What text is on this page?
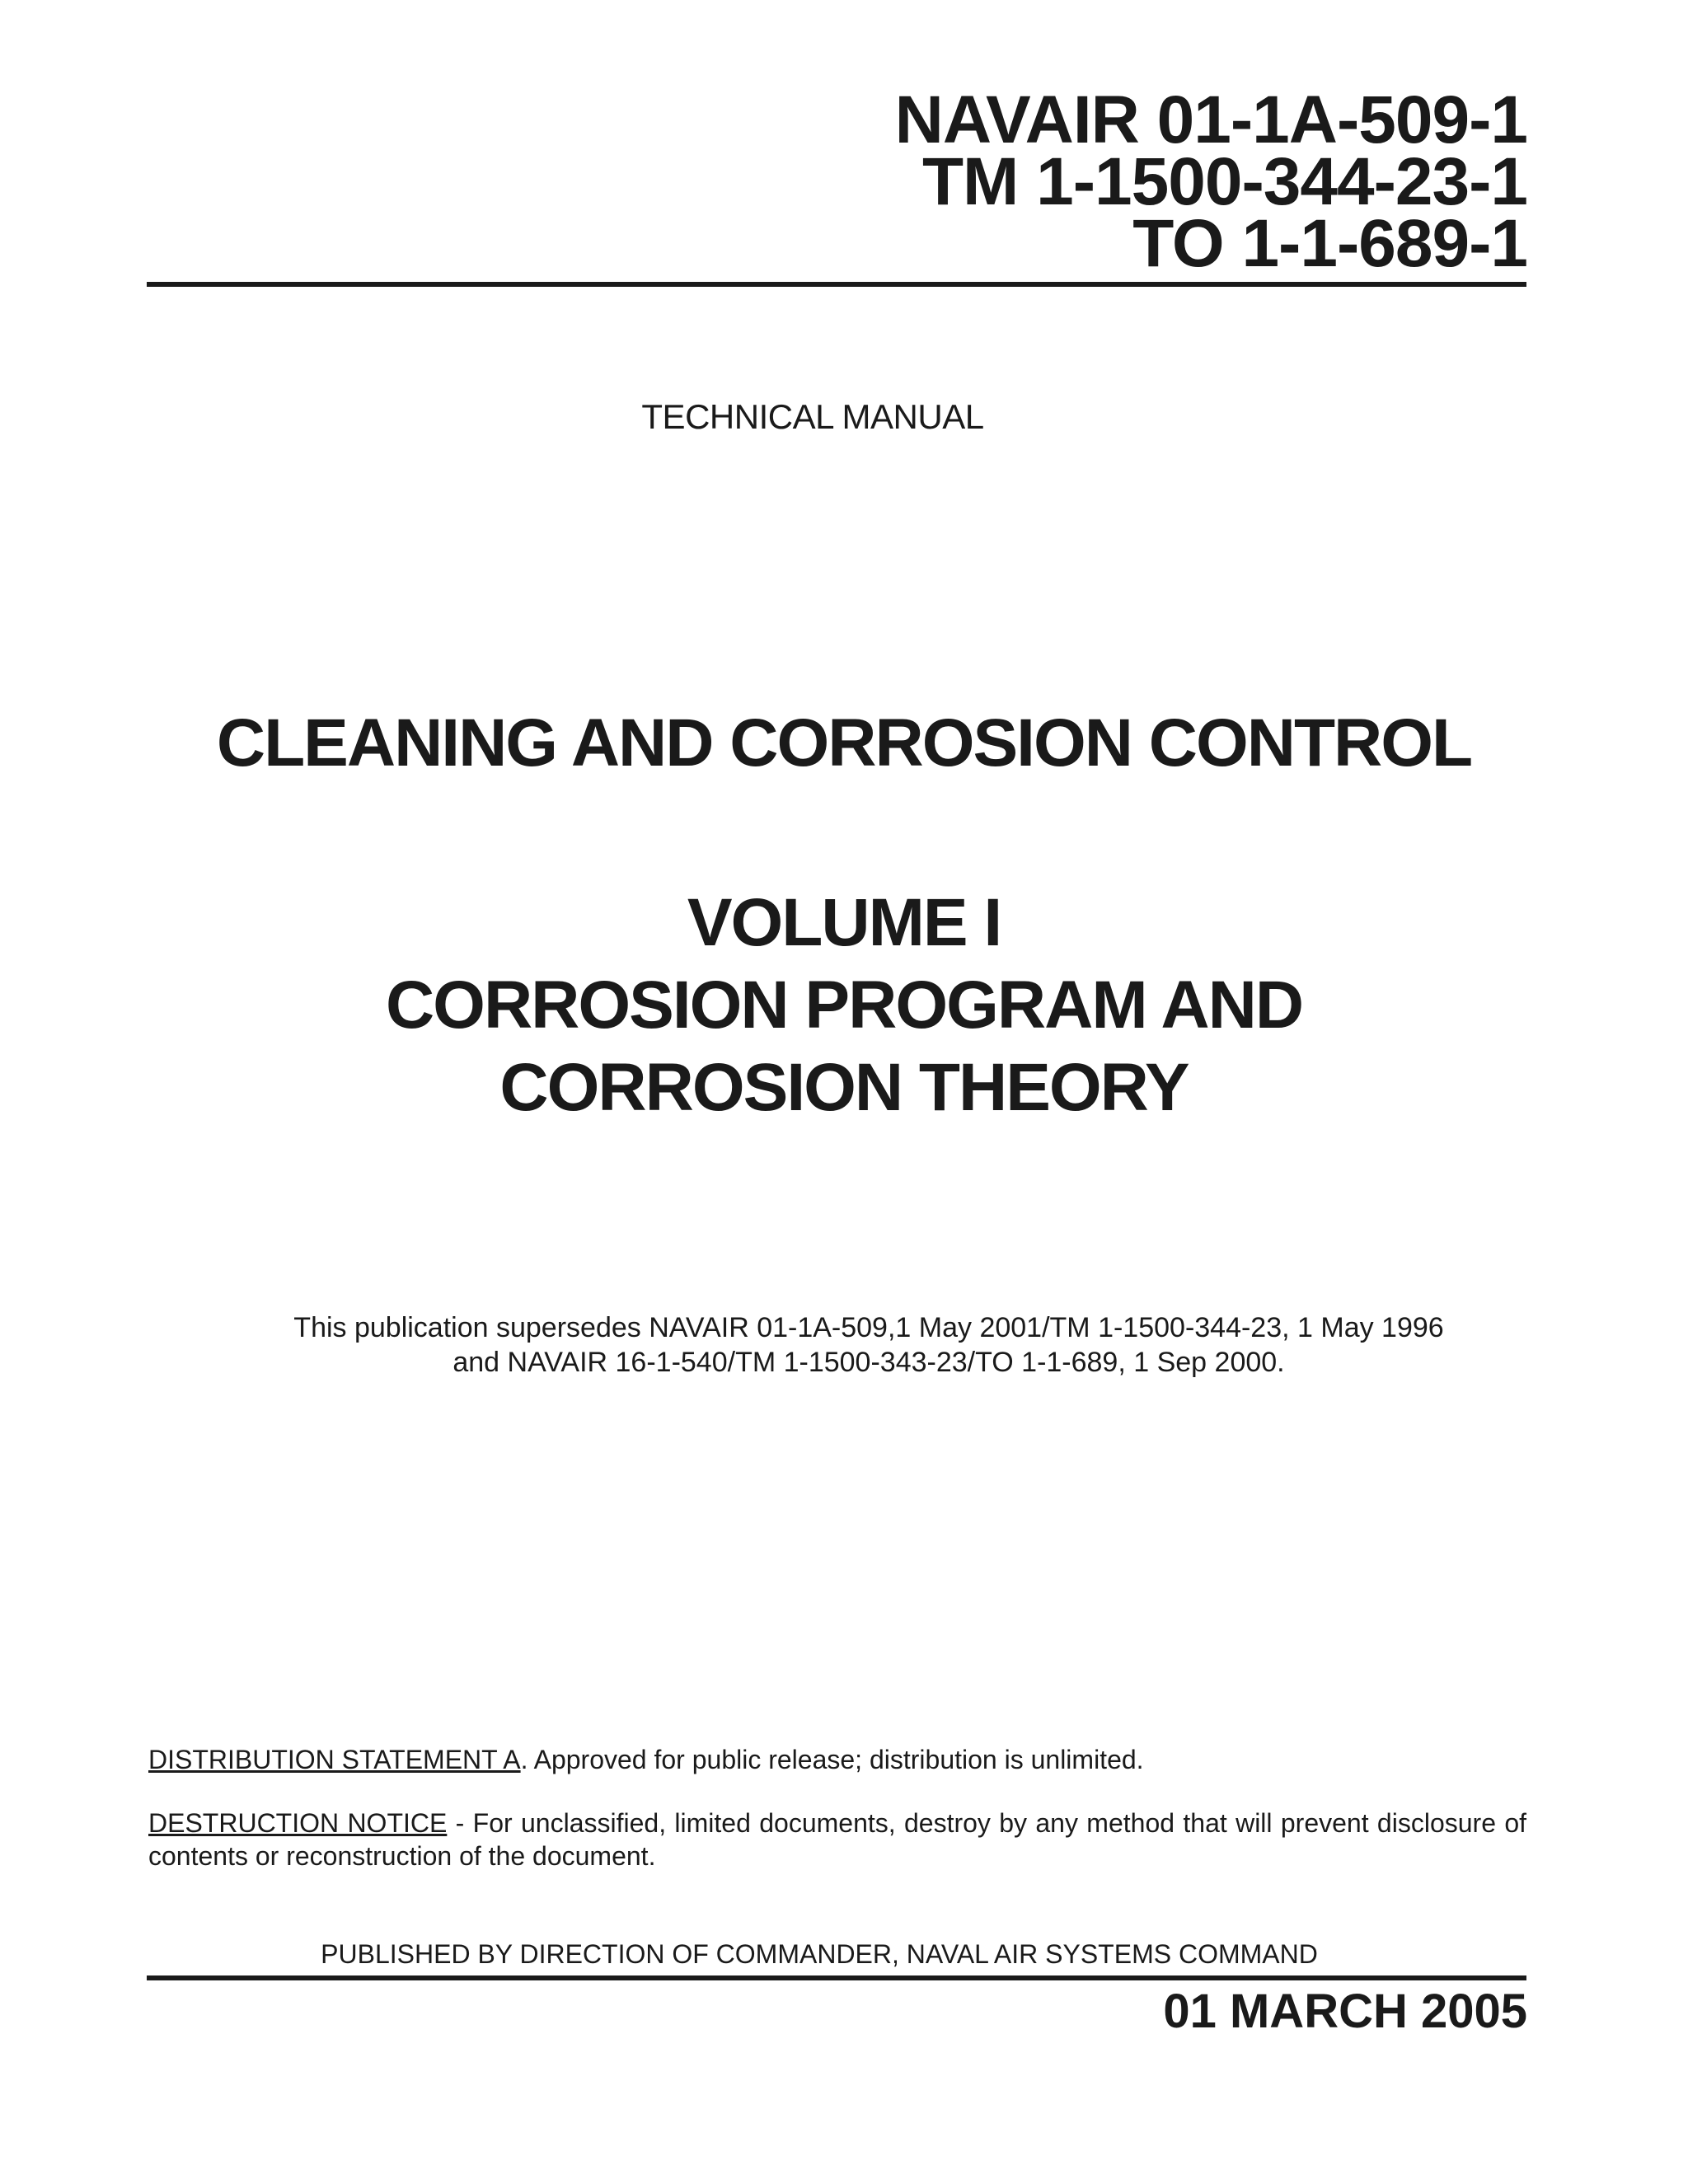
NAVAIR 01-1A-509-1
TM 1-1500-344-23-1
TO 1-1-689-1
TECHNICAL MANUAL
CLEANING AND CORROSION CONTROL
VOLUME I
CORROSION PROGRAM AND
CORROSION THEORY
This publication supersedes NAVAIR 01-1A-509,1 May 2001/TM 1-1500-344-23, 1 May 1996
and NAVAIR 16-1-540/TM 1-1500-343-23/TO 1-1-689, 1 Sep 2000.
DISTRIBUTION STATEMENT A. Approved for public release; distribution is unlimited.
DESTRUCTION NOTICE - For unclassified, limited documents, destroy by any method that will prevent disclosure of contents or reconstruction of the document.
PUBLISHED BY DIRECTION OF COMMANDER, NAVAL AIR SYSTEMS COMMAND
01 MARCH 2005
